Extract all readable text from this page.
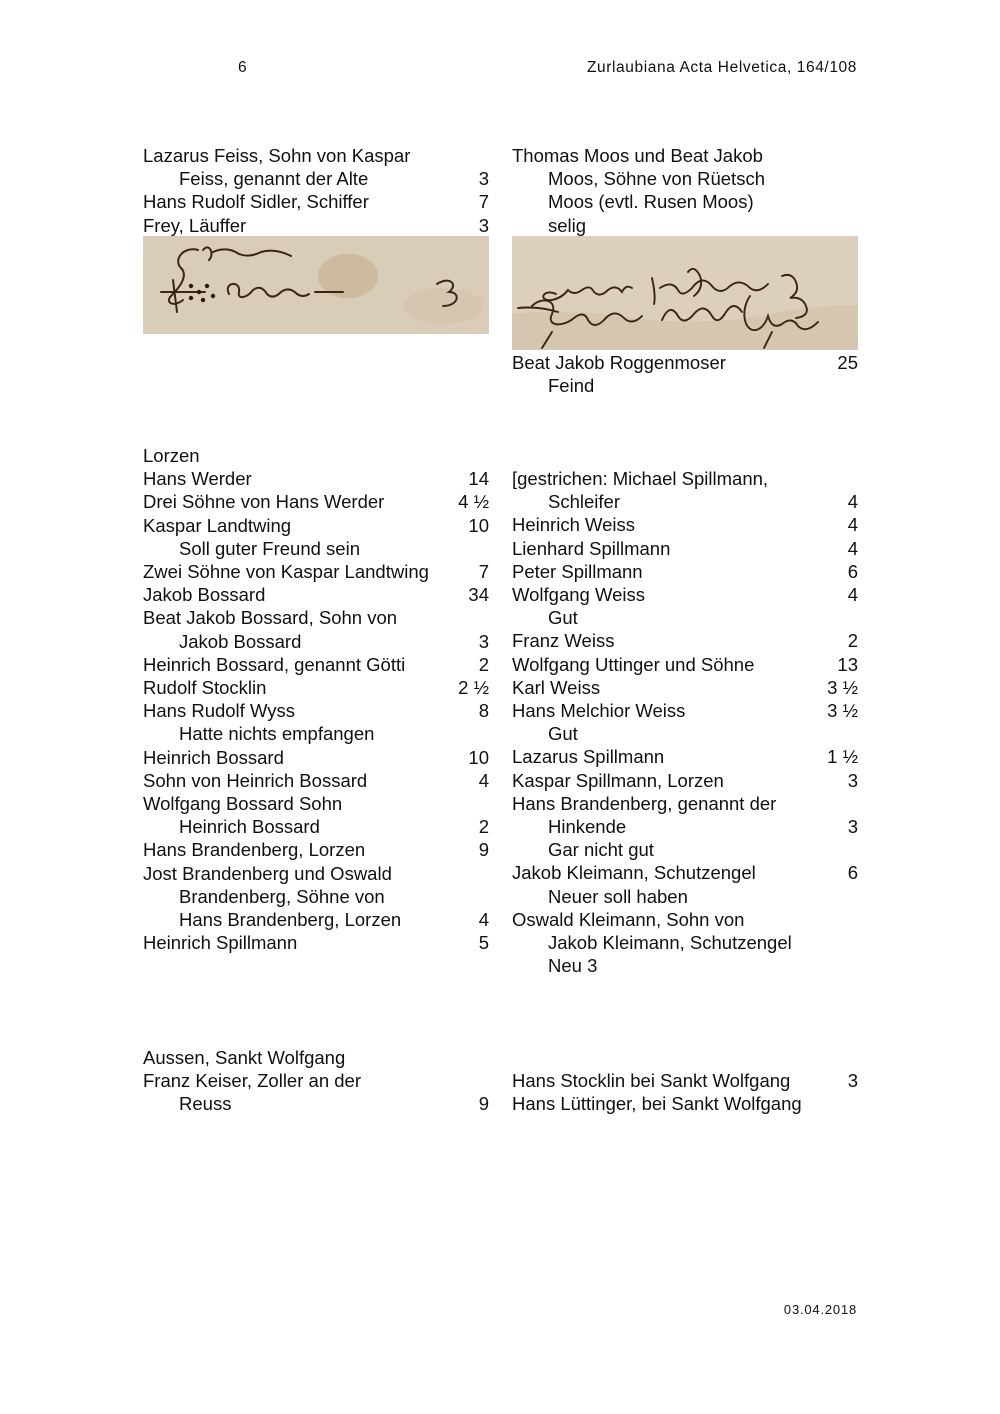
6	Zurlaubiana Acta Helvetica, 164/108
Lazarus Feiss, Sohn von Kaspar
Feiss, genannt der Alte	3
Hans Rudolf Sidler, Schiffer	7
Frey, Läuffer	3
Thomas Moos und Beat Jakob
Moos, Söhne von Rüetsch
Moos (evtl. Rusen Moos)
selig
Beat Jakob Roggenmoser	25
Feind
Lorzen
Hans Werder	14
Drei Söhne von Hans Werder	4 ½
Kaspar Landtwing	10
Soll guter Freund sein
Zwei Söhne von Kaspar Landtwing	7
Jakob Bossard	34
Beat Jakob Bossard, Sohn von
Jakob Bossard	3
Heinrich Bossard, genannt Götti	2
Rudolf Stocklin	2 ½
Hans Rudolf Wyss	8
Hatte nichts empfangen
Heinrich Bossard	10
Sohn von Heinrich Bossard	4
Wolfgang Bossard Sohn
Heinrich Bossard	2
Hans Brandenberg, Lorzen	9
Jost Brandenberg und Oswald
Brandenberg, Söhne von
Hans Brandenberg, Lorzen	4
Heinrich Spillmann	5
[gestrichen: Michael Spillmann,
Schleifer	4
Heinrich Weiss	4
Lienhard Spillmann	4
Peter Spillmann	6
Wolfgang Weiss	4
Gut
Franz Weiss	2
Wolfgang Uttinger und Söhne	13
Karl Weiss	3 ½
Hans Melchior Weiss	3 ½
Gut
Lazarus Spillmann	1 ½
Kaspar Spillmann, Lorzen	3
Hans Brandenberg, genannt der
Hinkende	3
Gar nicht gut
Jakob Kleimann, Schutzengel	6
Neuer soll haben
Oswald Kleimann, Sohn von
Jakob Kleimann, Schutzengel
Neu 3
Aussen, Sankt Wolfgang
Franz Keiser, Zoller an der
Reuss	9
Hans Stocklin bei Sankt Wolfgang	3
Hans Lüttinger, bei Sankt Wolfgang
03.04.2018
